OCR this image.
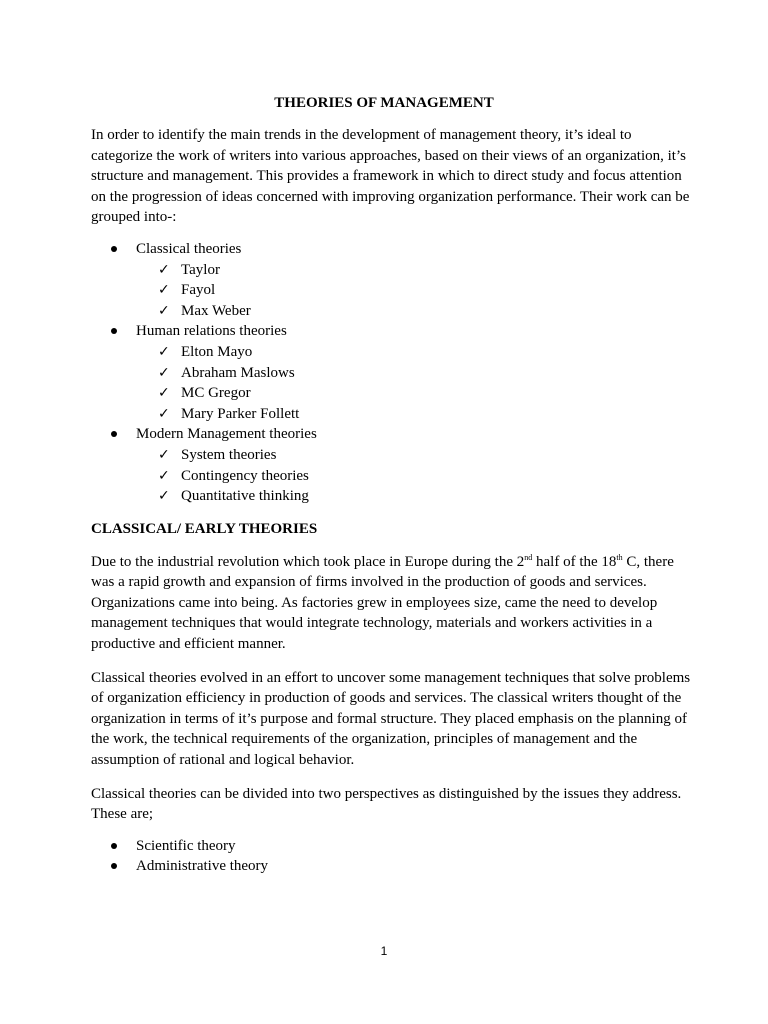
THEORIES OF MANAGEMENT

In order to identify the main trends in the development of management theory, it’s ideal to categorize the work of writers into various approaches, based on their views of an organization, it’s structure and management. This provides a framework in which to direct study and focus attention on the progression of ideas concerned with improving organization performance. Their work can be grouped into-:

Classical theories
✓ Taylor
✓ Fayol
✓ Max Weber
Human relations theories
✓ Elton Mayo
✓ Abraham Maslows
✓ MC Gregor
✓ Mary Parker Follett
Modern Management theories
✓ System theories
✓ Contingency theories
✓ Quantitative thinking
CLASSICAL/ EARLY THEORIES

Due to the industrial revolution which took place in Europe during the 2nd half of the 18th C, there was a rapid growth and expansion of firms involved in the production of goods and services. Organizations came into being. As factories grew in employees size, came the need to develop management techniques that would integrate technology, materials and workers activities in a productive and efficient manner.

Classical theories evolved in an effort to uncover some management techniques that solve problems of organization efficiency in production of goods and services. The classical writers thought of the organization in terms of it’s purpose and formal structure. They placed emphasis on the planning of the work, the technical requirements of the organization, principles of management and the assumption of rational and logical behavior.

Classical theories can be divided into two perspectives as distinguished by the issues they address. These are;

Scientific theory
Administrative theory
1
